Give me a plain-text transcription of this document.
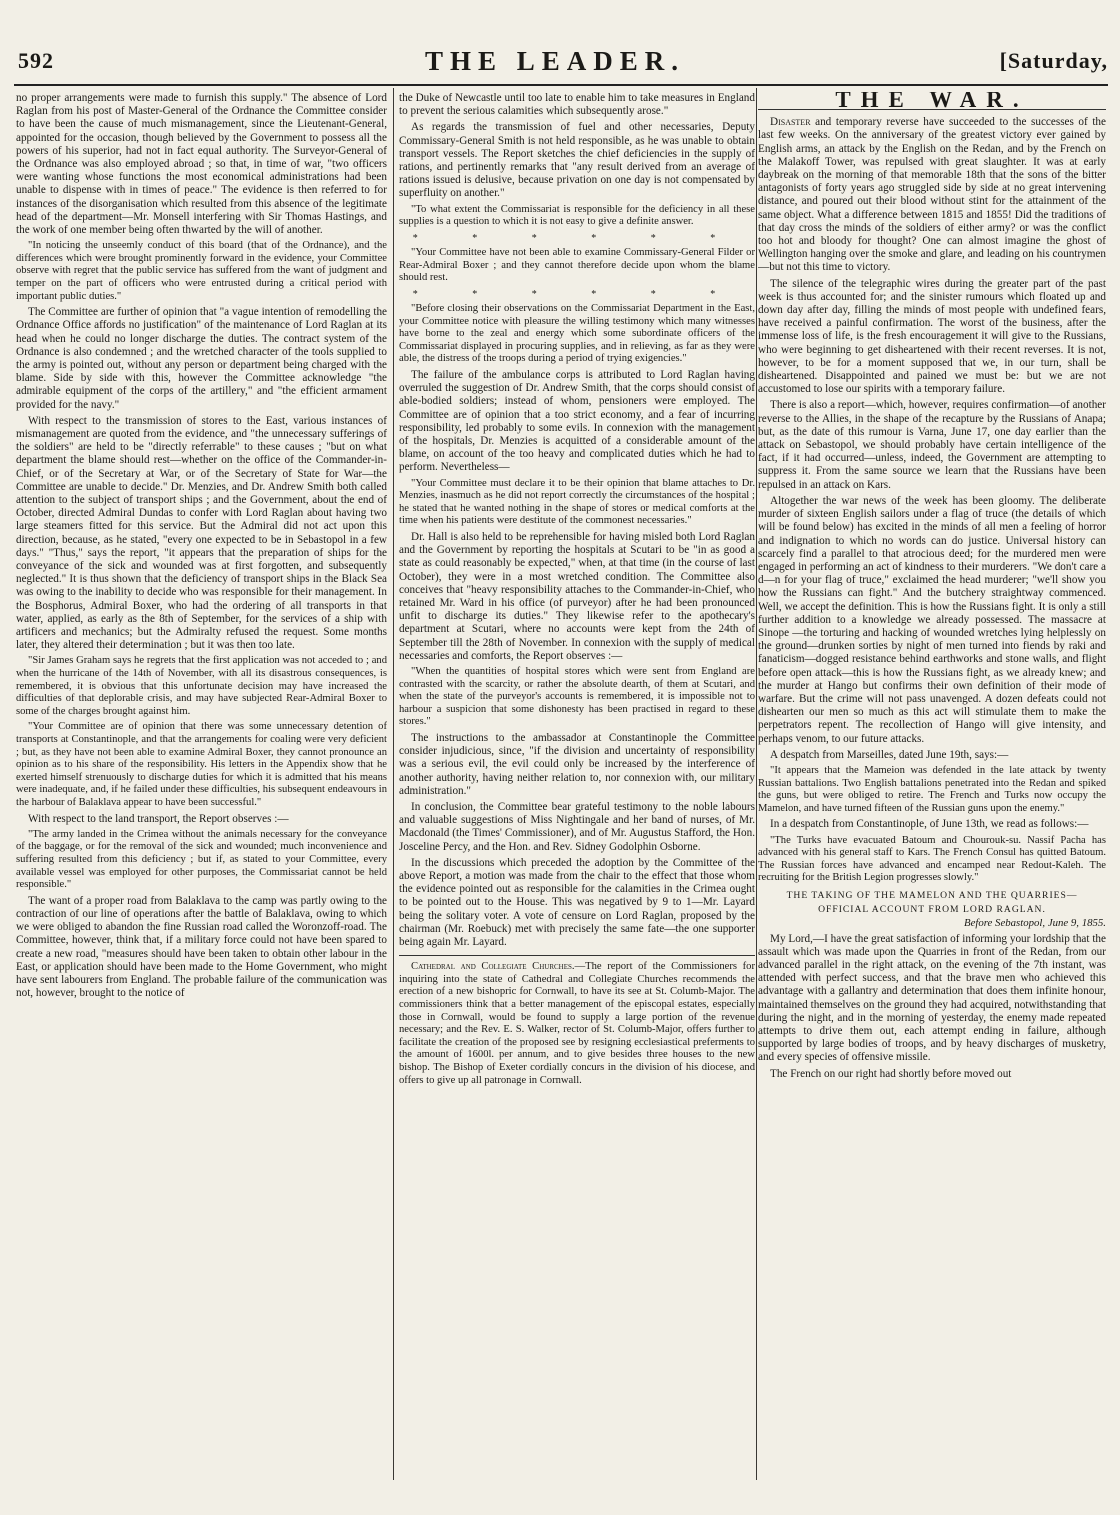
592	THE LEADER.	[Saturday,

no proper arrangements were made to furnish this supply." The absence of Lord Raglan from his post of Master-General of the Ordnance the Committee consider to have been the cause of much mismanagement, since the Lieutenant-General, appointed for the occasion, though believed by the Government to possess all the powers of his superior, had not in fact equal authority. The Surveyor-General of the Ordnance was also employed abroad ; so that, in time of war, "two officers were wanting whose functions the most economical administrations had been unable to dispense with in times of peace." The evidence is then referred to for instances of the disorganisation which resulted from this absence of the legitimate head of the department—Mr. Monsell interfering with Sir Thomas Hastings, and the work of one member being often thwarted by the will of another.

"In noticing the unseemly conduct of this board (that of the Ordnance), and the differences which were brought prominently forward in the evidence, your Committee observe with regret that the public service has suffered from the want of judgment and temper on the part of officers who were entrusted during a critical period with important public duties."

The Committee are further of opinion that "a vague intention of remodelling the Ordnance Office affords no justification" of the maintenance of Lord Raglan at its head when he could no longer discharge the duties. The contract system of the Ordnance is also condemned ; and the wretched character of the tools supplied to the army is pointed out, without any person or department being charged with the blame. Side by side with this, however the Committee acknowledge "the admirable equipment of the corps of the artillery," and "the efficient armament provided for the navy."

With respect to the transmission of stores to the East, various instances of mismanagement are quoted from the evidence, and "the unnecessary sufferings of the soldiers" are held to be "directly referrable" to these causes ; "but on what department the blame should rest—whether on the office of the Commander-in-Chief, or of the Secretary at War, or of the Secretary of State for War—the Committee are unable to decide." Dr. Menzies, and Dr. Andrew Smith both called attention to the subject of transport ships ; and the Government, about the end of October, directed Admiral Dundas to confer with Lord Raglan about having two large steamers fitted for this service. But the Admiral did not act upon this direction, because, as he stated, "every one expected to be in Sebastopol in a few days." "Thus," says the report, "it appears that the preparation of ships for the conveyance of the sick and wounded was at first forgotten, and subsequently neglected." It is thus shown that the deficiency of transport ships in the Black Sea was owing to the inability to decide who was responsible for their management. In the Bosphorus, Admiral Boxer, who had the ordering of all transports in that water, applied, as early as the 8th of September, for the services of a ship with artificers and mechanics; but the Admiralty refused the request. Some months later, they altered their determination ; but it was then too late.

"Sir James Graham says he regrets that the first application was not acceded to ; and when the hurricane of the 14th of November, with all its disastrous consequences, is remembered, it is obvious that this unfortunate decision may have increased the difficulties of that deplorable crisis, and may have subjected Rear-Admiral Boxer to some of the charges brought against him.

"Your Committee are of opinion that there was some unnecessary detention of transports at Constantinople, and that the arrangements for coaling were very deficient ; but, as they have not been able to examine Admiral Boxer, they cannot pronounce an opinion as to his share of the responsibility. His letters in the Appendix show that he exerted himself strenuously to discharge duties for which it is admitted that his means were inadequate, and, if he failed under these difficulties, his subsequent endeavours in the harbour of Balaklava appear to have been successful."

With respect to the land transport, the Report observes :—

"The army landed in the Crimea without the animals necessary for the conveyance of the baggage, or for the removal of the sick and wounded; much inconvenience and suffering resulted from this deficiency ; but if, as stated to your Committee, every available vessel was employed for other purposes, the Commissariat cannot be held responsible."

The want of a proper road from Balaklava to the camp was partly owing to the contraction of our line of operations after the battle of Balaklava, owing to which we were obliged to abandon the fine Russian road called the Woronzoff-road. The Committee, however, think that, if a military force could not have been spared to create a new road, "measures should have been taken to obtain other labour in the East, or application should have been made to the Home Government, who might have sent labourers from England. The probable failure of the communication was not, however, brought to the notice of

the Duke of Newcastle until too late to enable him to take measures in England to prevent the serious calamities which subsequently arose."

As regards the transmission of fuel and other necessaries, Deputy Commissary-General Smith is not held responsible, as he was unable to obtain transport vessels. The Report sketches the chief deficiencies in the supply of rations, and pertinently remarks that "any result derived from an average of rations issued is delusive, because privation on one day is not compensated by superfluity on another."

"To what extent the Commissariat is responsible for the deficiency in all these supplies is a question to which it is not easy to give a definite answer.

* * * * * *

"Your Committee have not been able to examine Commissary-General Filder or Rear-Admiral Boxer ; and they cannot therefore decide upon whom the blame should rest.

* * * * * *

"Before closing their observations on the Commissariat Department in the East, your Committee notice with pleasure the willing testimony which many witnesses have borne to the zeal and energy which some subordinate officers of the Commissariat displayed in procuring supplies, and in relieving, as far as they were able, the distress of the troops during a period of trying exigencies."

The failure of the ambulance corps is attributed to Lord Raglan having overruled the suggestion of Dr. Andrew Smith, that the corps should consist of able-bodied soldiers; instead of whom, pensioners were employed. The Committee are of opinion that a too strict economy, and a fear of incurring responsibility, led probably to some evils. In connexion with the management of the hospitals, Dr. Menzies is acquitted of a considerable amount of the blame, on account of the too heavy and complicated duties which he had to perform. Nevertheless—

"Your Committee must declare it to be their opinion that blame attaches to Dr. Menzies, inasmuch as he did not report correctly the circumstances of the hospital ; he stated that he wanted nothing in the shape of stores or medical comforts at the time when his patients were destitute of the commonest necessaries."

Dr. Hall is also held to be reprehensible for having misled both Lord Raglan and the Government by reporting the hospitals at Scutari to be "in as good a state as could reasonably be expected," when, at that time (in the course of last October), they were in a most wretched condition. The Committee also conceives that "heavy responsibility attaches to the Commander-in-Chief, who retained Mr. Ward in his office (of purveyor) after he had been pronounced unfit to discharge its duties." They likewise refer to the apothecary's department at Scutari, where no accounts were kept from the 24th of September till the 28th of November. In connexion with the supply of medical necessaries and comforts, the Report observes :—

"When the quantities of hospital stores which were sent from England are contrasted with the scarcity, or rather the absolute dearth, of them at Scutari, and when the state of the purveyor's accounts is remembered, it is impossible not to harbour a suspicion that some dishonesty has been practised in regard to these stores."

The instructions to the ambassador at Constantinople the Committee consider injudicious, since, "if the division and uncertainty of responsibility was a serious evil, the evil could only be increased by the interference of another authority, having neither relation to, nor connexion with, our military administration."

In conclusion, the Committee bear grateful testimony to the noble labours and valuable suggestions of Miss Nightingale and her band of nurses, of Mr. Macdonald (the Times' Commissioner), and of Mr. Augustus Stafford, the Hon. Josceline Percy, and the Hon. and Rev. Sidney Godolphin Osborne.

In the discussions which preceded the adoption by the Committee of the above Report, a motion was made from the chair to the effect that those whom the evidence pointed out as responsible for the calamities in the Crimea ought to be pointed out to the House. This was negatived by 9 to 1—Mr. Layard being the solitary voter. A vote of censure on Lord Raglan, proposed by the chairman (Mr. Roebuck) met with precisely the same fate—the one supporter being again Mr. Layard.

Cathedral and Collegiate Churches.—The report of the Commissioners for inquiring into the state of Cathedral and Collegiate Churches recommends the erection of a new bishopric for Cornwall, to have its see at St. Columb-Major. The commissioners think that a better management of the episcopal estates, especially those in Cornwall, would be found to supply a large portion of the revenue necessary; and the Rev. E. S. Walker, rector of St. Columb-Major, offers further to facilitate the creation of the proposed see by resigning ecclesiastical preferments to the amount of 1600l. per annum, and to give besides three houses to the new bishop. The Bishop of Exeter cordially concurs in the division of his diocese, and offers to give up all patronage in Cornwall.

THE WAR.

Disaster and temporary reverse have succeeded to the successes of the last few weeks. On the anniversary of the greatest victory ever gained by English arms, an attack by the English on the Redan, and by the French on the Malakoff Tower, was repulsed with great slaughter. It was at early daybreak on the morning of that memorable 18th that the sons of the bitter antagonists of forty years ago struggled side by side at no great intervening distance, and poured out their blood without stint for the attainment of the same object. What a difference between 1815 and 1855! Did the traditions of that day cross the minds of the soldiers of either army? or was the conflict too hot and bloody for thought? One can almost imagine the ghost of Wellington hanging over the smoke and glare, and leading on his countrymen—but not this time to victory.

The silence of the telegraphic wires during the greater part of the past week is thus accounted for; and the sinister rumours which floated up and down day after day, filling the minds of most people with undefined fears, have received a painful confirmation. The worst of the business, after the immense loss of life, is the fresh encouragement it will give to the Russians, who were beginning to get disheartened with their recent reverses. It is not, however, to be for a moment supposed that we, in our turn, shall be disheartened. Disappointed and pained we must be: but we are not accustomed to lose our spirits with a temporary failure.

There is also a report—which, however, requires confirmation—of another reverse to the Allies, in the shape of the recapture by the Russians of Anapa; but, as the date of this rumour is Varna, June 17, one day earlier than the attack on Sebastopol, we should probably have certain intelligence of the fact, if it had occurred—unless, indeed, the Government are attempting to suppress it. From the same source we learn that the Russians have been repulsed in an attack on Kars.

Altogether the war news of the week has been gloomy. The deliberate murder of sixteen English sailors under a flag of truce (the details of which will be found below) has excited in the minds of all men a feeling of horror and indignation to which no words can do justice. Universal history can scarcely find a parallel to that atrocious deed; for the murdered men were engaged in performing an act of kindness to their murderers. "We don't care a d—n for your flag of truce," exclaimed the head murderer; "we'll show you how the Russians can fight." And the butchery straightway commenced. Well, we accept the definition. This is how the Russians fight. It is only a still further addition to a knowledge we already possessed. The massacre at Sinope —the torturing and hacking of wounded wretches lying helplessly on the ground—drunken sorties by night of men turned into fiends by raki and fanaticism—dogged resistance behind earthworks and stone walls, and flight before open attack—this is how the Russians fight, as we already knew; and the murder at Hango but confirms their own definition of their mode of warfare. But the crime will not pass unavenged. A dozen defeats could not dishearten our men so much as this act will stimulate them to make the perpetrators repent. The recollection of Hango will give intensity, and perhaps venom, to our future attacks.

A despatch from Marseilles, dated June 19th, says:—

"It appears that the Mameion was defended in the late attack by twenty Russian battalions. Two English battalions penetrated into the Redan and spiked the guns, but were obliged to retire. The French and Turks now occupy the Mamelon, and have turned fifteen of the Russian guns upon the enemy."

In a despatch from Constantinople, of June 13th, we read as follows:—

"The Turks have evacuated Batoum and Chourouk-su. Nassif Pacha has advanced with his general staff to Kars. The French Consul has quitted Batoum. The Russian forces have advanced and encamped near Redout-Kaleh. The recruiting for the British Legion progresses slowly."

THE TAKING OF THE MAMELON AND THE QUARRIES—
OFFICIAL ACCOUNT FROM LORD RAGLAN.
Before Sebastopol, June 9, 1855.

My Lord,—I have the great satisfaction of informing your lordship that the assault which was made upon the Quarries in front of the Redan, from our advanced parallel in the right attack, on the evening of the 7th instant, was attended with perfect success, and that the brave men who achieved this advantage with a gallantry and determination that does them infinite honour, maintained themselves on the ground they had acquired, notwithstanding that during the night, and in the morning of yesterday, the enemy made repeated attempts to drive them out, each attempt ending in failure, although supported by large bodies of troops, and by heavy discharges of musketry, and every species of offensive missile.

The French on our right had shortly before moved out
